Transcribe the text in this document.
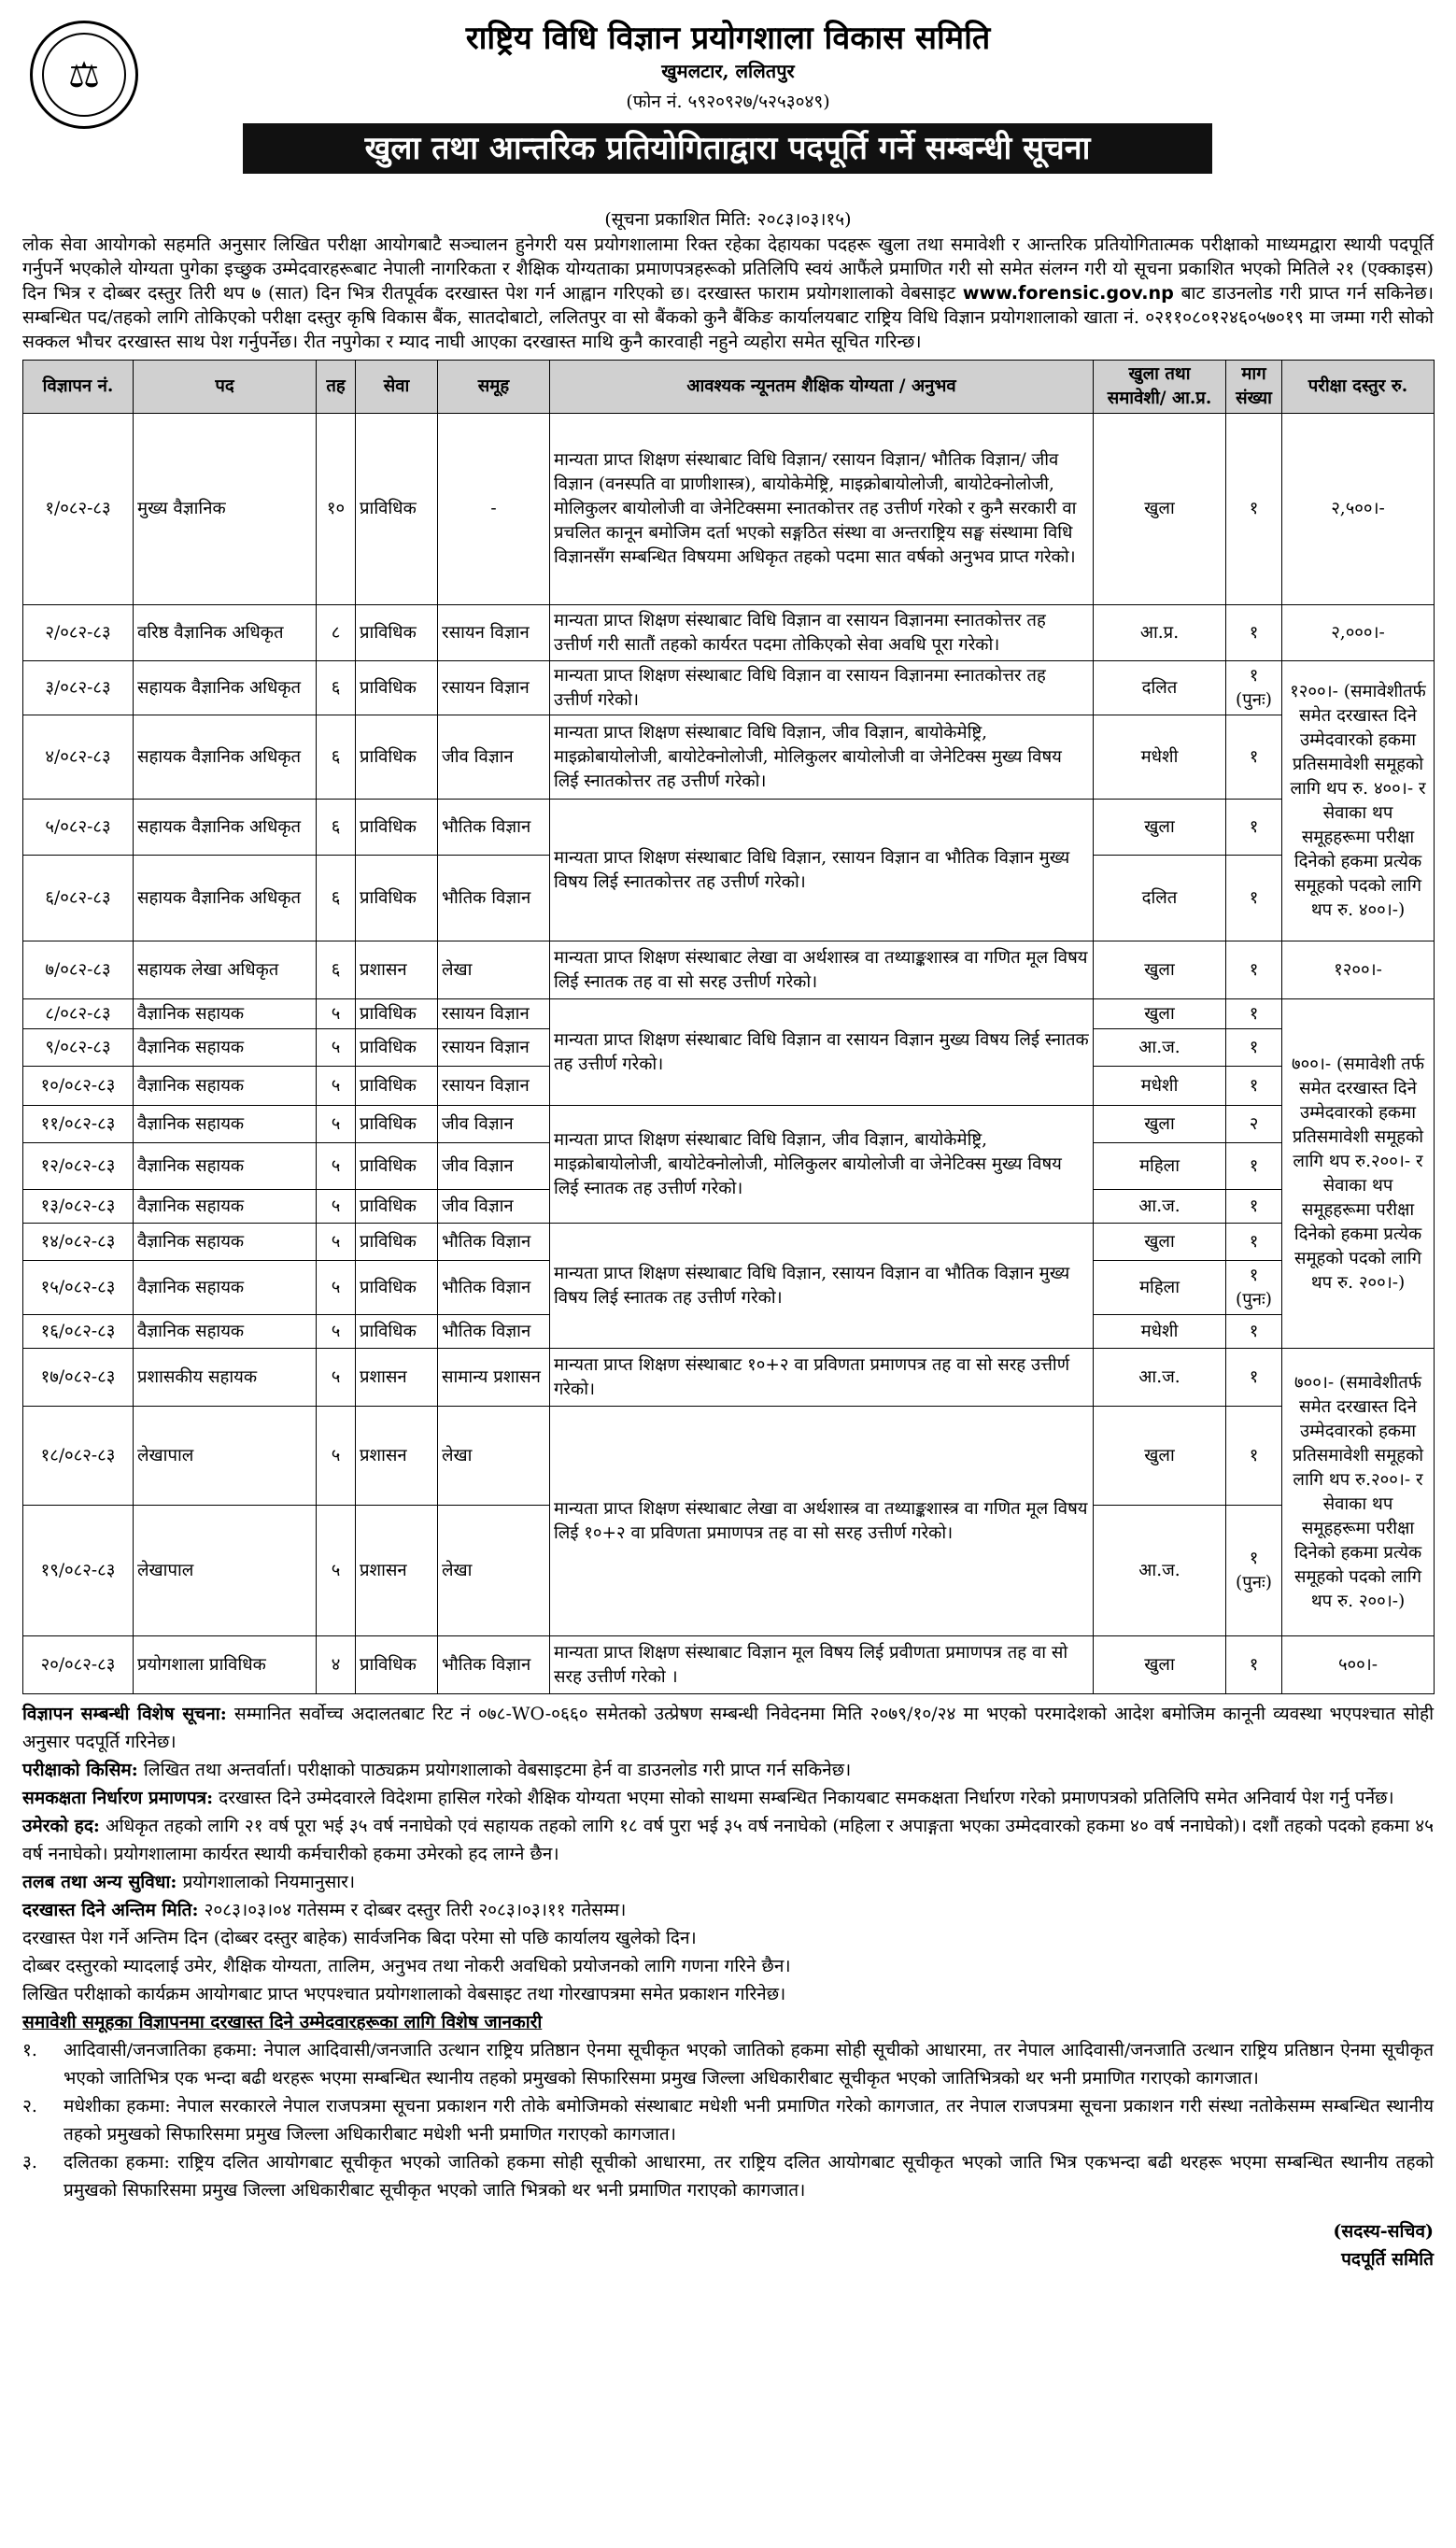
⚖
राष्ट्रिय विधि विज्ञान प्रयोगशाला विकास समिति
खुमलटार, ललितपुर
(फोन नं. ५९२०९२७/५२५३०४९)
खुला तथा आन्तरिक प्रतियोगिताद्वारा पदपूर्ति गर्ने सम्बन्धी सूचना
(सूचना प्रकाशित मिति: २०८३।०३।१५)
लोक सेवा आयोगको सहमति अनुसार लिखित परीक्षा आयोगबाटै सञ्चालन हुनेगरी यस प्रयोगशालामा रिक्त रहेका देहायका पदहरू खुला तथा समावेशी र आन्तरिक प्रतियोगितात्मक परीक्षाको माध्यमद्वारा स्थायी पदपूर्ति गर्नुपर्ने भएकोले योग्यता पुगेका इच्छुक उम्मेदवारहरूबाट नेपाली नागरिकता र शैक्षिक योग्यताका प्रमाणपत्रहरूको प्रतिलिपि स्वयं आफैंले प्रमाणित गरी सो समेत संलग्न गरी यो सूचना प्रकाशित भएको मितिले २१ (एक्काइस) दिन भित्र र दोब्बर दस्तुर तिरी थप ७ (सात) दिन भित्र रीतपूर्वक दरखास्त पेश गर्न आह्वान गरिएको छ। दरखास्त फाराम प्रयोगशालाको वेबसाइट www.forensic.gov.np बाट डाउनलोड गरी प्राप्त गर्न सकिनेछ। सम्बन्धित पद/तहको लागि तोकिएको परीक्षा दस्तुर कृषि विकास बैंक, सातदोबाटो, ललितपुर वा सो बैंकको कुनै बैंकिङ कार्यालयबाट राष्ट्रिय विधि विज्ञान प्रयोगशालाको खाता नं. ०२११०८०१२४६०५७०१९ मा जम्मा गरी सोको सक्कल भौचर दरखास्त साथ पेश गर्नुपर्नेछ। रीत नपुगेका र म्याद नाघी आएका दरखास्त माथि कुनै कारवाही नहुने व्यहोरा समेत सूचित गरिन्छ।
विज्ञापन नं.	पद	तह	सेवा	समूह	आवश्यक न्यूनतम शैक्षिक योग्यता / अनुभव	खुला तथा समावेशी/ आ.प्र.	माग संख्या	परीक्षा दस्तुर रु.
१/०८२-८३	मुख्य वैज्ञानिक	१०	प्राविधिक	-	मान्यता प्राप्त शिक्षण संस्थाबाट विधि विज्ञान/ रसायन विज्ञान/ भौतिक विज्ञान/ जीव विज्ञान (वनस्पति वा प्राणीशास्त्र), बायोकेमेष्ट्रि, माइक्रोबायोलोजी, बायोटेक्नोलोजी, मोलिकुलर बायोलोजी वा जेनेटिक्समा स्नातकोत्तर तह उत्तीर्ण गरेको र कुनै सरकारी वा प्रचलित कानून बमोजिम दर्ता भएको सङ्गठित संस्था वा अन्तराष्ट्रिय सङ्घ संस्थामा विधि विज्ञानसँग सम्बन्धित विषयमा अधिकृत तहको पदमा सात वर्षको अनुभव प्राप्त गरेको।	खुला	१	२,५००।-
२/०८२-८३	वरिष्ठ वैज्ञानिक अधिकृत	८	प्राविधिक	रसायन विज्ञान	मान्यता प्राप्त शिक्षण संस्थाबाट विधि विज्ञान वा रसायन विज्ञानमा स्नातकोत्तर तह उत्तीर्ण गरी सातौं तहको कार्यरत पदमा तोकिएको सेवा अवधि पूरा गरेको।	आ.प्र.	१	२,०००।-
३/०८२-८३	सहायक वैज्ञानिक अधिकृत	६	प्राविधिक	रसायन विज्ञान	मान्यता प्राप्त शिक्षण संस्थाबाट विधि विज्ञान वा रसायन विज्ञानमा स्नातकोत्तर तह उत्तीर्ण गरेको।	दलित	१ (पुनः)	१२००।- (समावेशीतर्फ समेत दरखास्त दिने उम्मेदवारको हकमा प्रतिसमावेशी समूहको लागि थप रु. ४००।- र सेवाका थप समूहहरूमा परीक्षा दिनेको हकमा प्रत्येक समूहको पदको लागि थप रु. ४००।-)
४/०८२-८३	सहायक वैज्ञानिक अधिकृत	६	प्राविधिक	जीव विज्ञान	मान्यता प्राप्त शिक्षण संस्थाबाट विधि विज्ञान, जीव विज्ञान, बायोकेमेष्ट्रि, माइक्रोबायोलोजी, बायोटेक्नोलोजी, मोलिकुलर बायोलोजी वा जेनेटिक्स मुख्य विषय लिई स्नातकोत्तर तह उत्तीर्ण गरेको।	मधेशी	१	
५/०८२-८३	सहायक वैज्ञानिक अधिकृत	६	प्राविधिक	भौतिक विज्ञान	मान्यता प्राप्त शिक्षण संस्थाबाट विधि विज्ञान, रसायन विज्ञान वा भौतिक विज्ञान मुख्य विषय लिई स्नातकोत्तर तह उत्तीर्ण गरेको।	खुला	१	
६/०८२-८३	सहायक वैज्ञानिक अधिकृत	६	प्राविधिक	भौतिक विज्ञान		दलित	१	
७/०८२-८३	सहायक लेखा अधिकृत	६	प्रशासन	लेखा	मान्यता प्राप्त शिक्षण संस्थाबाट लेखा वा अर्थशास्त्र वा तथ्याङ्कशास्त्र वा गणित मूल विषय लिई स्नातक तह वा सो सरह उत्तीर्ण गरेको।	खुला	१	१२००।-
८/०८२-८३	वैज्ञानिक सहायक	५	प्राविधिक	रसायन विज्ञान	मान्यता प्राप्त शिक्षण संस्थाबाट विधि विज्ञान वा रसायन विज्ञान मुख्य विषय लिई स्नातक तह उत्तीर्ण गरेको।	खुला	१	७००।- (समावेशी तर्फ समेत दरखास्त दिने उम्मेदवारको हकमा प्रतिसमावेशी समूहको लागि थप रु.२००।- र सेवाका थप समूहहरूमा परीक्षा दिनेको हकमा प्रत्येक समूहको पदको लागि थप रु. २००।-)
९/०८२-८३	वैज्ञानिक सहायक	५	प्राविधिक	रसायन विज्ञान		आ.ज.	१	
१०/०८२-८३	वैज्ञानिक सहायक	५	प्राविधिक	रसायन विज्ञान		मधेशी	१	
११/०८२-८३	वैज्ञानिक सहायक	५	प्राविधिक	जीव विज्ञान	मान्यता प्राप्त शिक्षण संस्थाबाट विधि विज्ञान, जीव विज्ञान, बायोकेमेष्ट्रि, माइक्रोबायोलोजी, बायोटेक्नोलोजी, मोलिकुलर बायोलोजी वा जेनेटिक्स मुख्य विषय लिई स्नातक तह उत्तीर्ण गरेको।	खुला	२	
१२/०८२-८३	वैज्ञानिक सहायक	५	प्राविधिक	जीव विज्ञान		महिला	१	
१३/०८२-८३	वैज्ञानिक सहायक	५	प्राविधिक	जीव विज्ञान		आ.ज.	१	
१४/०८२-८३	वैज्ञानिक सहायक	५	प्राविधिक	भौतिक विज्ञान	मान्यता प्राप्त शिक्षण संस्थाबाट विधि विज्ञान, रसायन विज्ञान वा भौतिक विज्ञान मुख्य विषय लिई स्नातक तह उत्तीर्ण गरेको।	खुला	१	
१५/०८२-८३	वैज्ञानिक सहायक	५	प्राविधिक	भौतिक विज्ञान		महिला	१ (पुनः)	
१६/०८२-८३	वैज्ञानिक सहायक	५	प्राविधिक	भौतिक विज्ञान		मधेशी	१	
१७/०८२-८३	प्रशासकीय सहायक	५	प्रशासन	सामान्य प्रशासन	मान्यता प्राप्त शिक्षण संस्थाबाट १०+२ वा प्रविणता प्रमाणपत्र तह वा सो सरह उत्तीर्ण गरेको।	आ.ज.	१	७००।- (समावेशीतर्फ समेत दरखास्त दिने उम्मेदवारको हकमा प्रतिसमावेशी समूहको लागि थप रु.२००।- र सेवाका थप समूहहरूमा परीक्षा दिनेको हकमा प्रत्येक समूहको पदको लागि थप रु. २००।-)
१८/०८२-८३	लेखापाल	५	प्रशासन	लेखा	मान्यता प्राप्त शिक्षण संस्थाबाट लेखा वा अर्थशास्त्र वा तथ्याङ्कशास्त्र वा गणित मूल विषय लिई १०+२ वा प्रविणता प्रमाणपत्र तह वा सो सरह उत्तीर्ण गरेको।	खुला	१	
१९/०८२-८३	लेखापाल	५	प्रशासन	लेखा		आ.ज.	१ (पुनः)	
२०/०८२-८३	प्रयोगशाला प्राविधिक	४	प्राविधिक	भौतिक विज्ञान	मान्यता प्राप्त शिक्षण संस्थाबाट विज्ञान मूल विषय लिई प्रवीणता प्रमाणपत्र तह वा सो सरह उत्तीर्ण गरेको ।	खुला	१	५००।-

विज्ञापन सम्बन्धी विशेष सूचना: सम्मानित सर्वोच्च अदालतबाट रिट नं ०७८-WO-०६६० समेतको उत्प्रेषण सम्बन्धी निवेदनमा मिति २०७९/१०/२४ मा भएको परमादेशको आदेश बमोजिम कानूनी व्यवस्था भएपश्चात सोही अनुसार पदपूर्ति गरिनेछ।

परीक्षाको किसिम: लिखित तथा अन्तर्वार्ता। परीक्षाको पाठ्यक्रम प्रयोगशालाको वेबसाइटमा हेर्न वा डाउनलोड गरी प्राप्त गर्न सकिनेछ।

समकक्षता निर्धारण प्रमाणपत्र: दरखास्त दिने उम्मेदवारले विदेशमा हासिल गरेको शैक्षिक योग्यता भएमा सोको साथमा सम्बन्धित निकायबाट समकक्षता निर्धारण गरेको प्रमाणपत्रको प्रतिलिपि समेत अनिवार्य पेश गर्नु पर्नेछ।

उमेरको हद: अधिकृत तहको लागि २१ वर्ष पूरा भई ३५ वर्ष ननाघेको एवं सहायक तहको लागि १८ वर्ष पुरा भई ३५ वर्ष ननाघेको (महिला र अपाङ्गता भएका उम्मेदवारको हकमा ४० वर्ष ननाघेको)। दशौं तहको पदको हकमा ४५ वर्ष ननाघेको। प्रयोगशालामा कार्यरत स्थायी कर्मचारीको हकमा उमेरको हद लाग्ने छैन।

तलब तथा अन्य सुविधा: प्रयोगशालाको नियमानुसार।

दरखास्त दिने अन्तिम मिति: २०८३।०३।०४ गतेसम्म र दोब्बर दस्तुर तिरी २०८३।०३।११ गतेसम्म।

दरखास्त पेश गर्ने अन्तिम दिन (दोब्बर दस्तुर बाहेक) सार्वजनिक बिदा परेमा सो पछि कार्यालय खुलेको दिन।

दोब्बर दस्तुरको म्यादलाई उमेर, शैक्षिक योग्यता, तालिम, अनुभव तथा नोकरी अवधिको प्रयोजनको लागि गणना गरिने छैन।

लिखित परीक्षाको कार्यक्रम आयोगबाट प्राप्त भएपश्चात प्रयोगशालाको वेबसाइट तथा गोरखापत्रमा समेत प्रकाशन गरिनेछ।

समावेशी समूहका विज्ञापनमा दरखास्त दिने उम्मेदवारहरूका लागि विशेष जानकारी

१.	आदिवासी/जनजातिका हकमा: नेपाल आदिवासी/जनजाति उत्थान राष्ट्रिय प्रतिष्ठान ऐनमा सूचीकृत भएको जातिको हकमा सोही सूचीको आधारमा, तर नेपाल आदिवासी/जनजाति उत्थान राष्ट्रिय प्रतिष्ठान ऐनमा सूचीकृत भएको जातिभित्र एक भन्दा बढी थरहरू भएमा सम्बन्धित स्थानीय तहको प्रमुखको सिफारिसमा प्रमुख जिल्ला अधिकारीबाट सूचीकृत भएको जातिभित्रको थर भनी प्रमाणित गराएको कागजात।
२.	मधेशीका हकमा: नेपाल सरकारले नेपाल राजपत्रमा सूचना प्रकाशन गरी तोके बमोजिमको संस्थाबाट मधेशी भनी प्रमाणित गरेको कागजात, तर नेपाल राजपत्रमा सूचना प्रकाशन गरी संस्था नतोकेसम्म सम्बन्धित स्थानीय तहको प्रमुखको सिफारिसमा प्रमुख जिल्ला अधिकारीबाट मधेशी भनी प्रमाणित गराएको कागजात।
३.	दलितका हकमा: राष्ट्रिय दलित आयोगबाट सूचीकृत भएको जातिको हकमा सोही सूचीको आधारमा, तर राष्ट्रिय दलित आयोगबाट सूचीकृत भएको जाति भित्र एकभन्दा बढी थरहरू भएमा सम्बन्धित स्थानीय तहको प्रमुखको सिफारिसमा प्रमुख जिल्ला अधिकारीबाट सूचीकृत भएको जाति भित्रको थर भनी प्रमाणित गराएको कागजात।
(सदस्य-सचिव)
पदपूर्ति समिति
